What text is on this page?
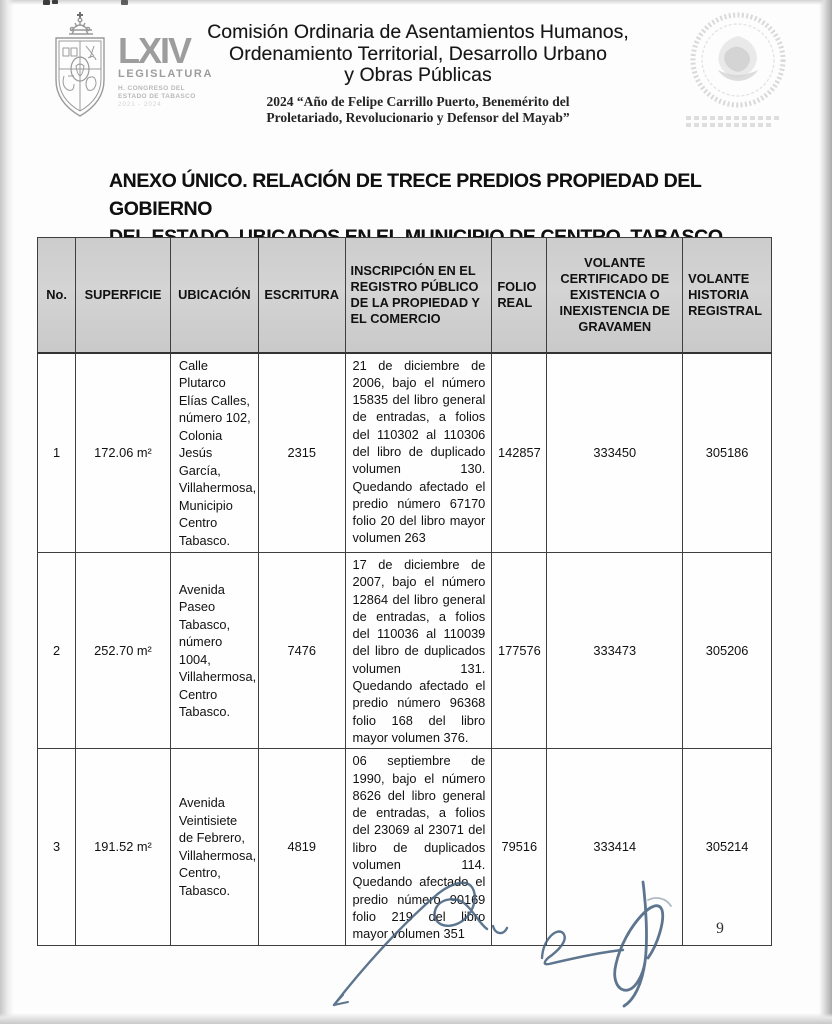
LXIV
LEGISLATURA
H. CONGRESO DEL
ESTADO DE TABASCO
2021 - 2024
Comisión Ordinaria de Asentamientos Humanos,
Ordenamiento Territorial, Desarrollo Urbano
y Obras Públicas
2024 “Año de Felipe Carrillo Puerto, Benemérito del
Proletariado, Revolucionario y Defensor del Mayab”
ANEXO ÚNICO. RELACIÓN DE TRECE PREDIOS PROPIEDAD DEL GOBIERNO
No.	SUPERFICIE	UBICACIÓN	ESCRITURA	INSCRIPCIÓN EN EL REGISTRO PÚBLICO DE LA PROPIEDAD Y EL COMERCIO	FOLIO REAL	VOLANTE CERTIFICADO DE EXISTENCIA O INEXISTENCIA DE GRAVAMEN	VOLANTE HISTORIA REGISTRAL
1	172.06 m²	Calle Plutarco Elías Calles, número 102, Colonia Jesús García, Villahermosa, Municipio Centro Tabasco.	2315	21 de diciembre de 2006, bajo el número 15835 del libro general de entradas, a folios del 110302 al 110306 del libro de duplicado volumen 130. Quedando afectado el predio número 67170 folio 20 del libro mayor volumen 263	142857	333450	305186
2	252.70 m²	Avenida Paseo Tabasco, número 1004, Villahermosa, Centro Tabasco.	7476	17 de diciembre de 2007, bajo el número 12864 del libro general de entradas, a folios del 110036 al 110039 del libro de duplicados volumen 131. Quedando afectado el predio número 96368 folio 168 del libro mayor volumen 376.	177576	333473	305206
3	191.52 m²	Avenida Veintisiete de Febrero, Villahermosa, Centro, Tabasco.	4819	06 septiembre de 1990, bajo el número 8626 del libro general de entradas, a folios del 23069 al 23071 del libro de duplicados volumen 114. Quedando afectado el predio número 90169 folio 219 del libro mayor volumen 351	79516	333414	305214
9
